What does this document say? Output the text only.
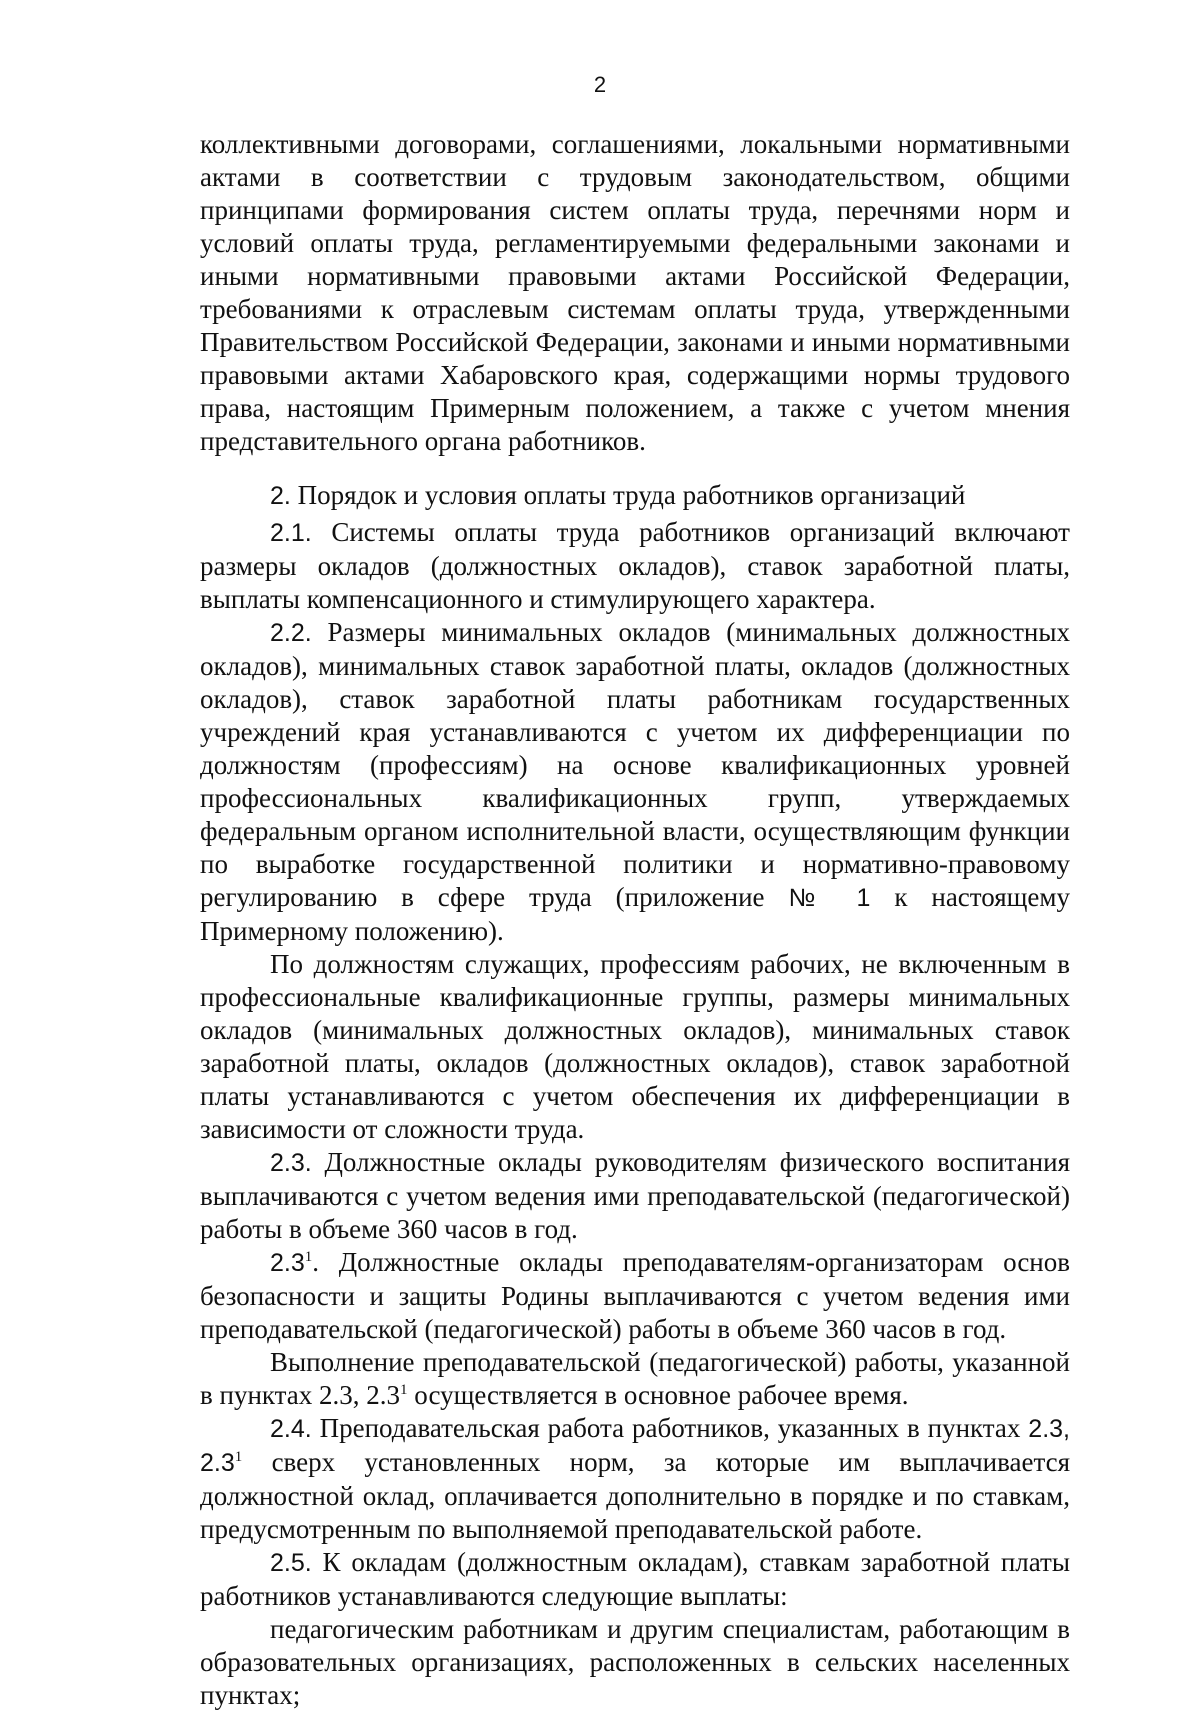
2

коллективными договорами, соглашениями, локальными нормативными актами в соответствии с трудовым законодательством, общими принципами формирования систем оплаты труда, перечнями норм и условий оплаты труда, регламентируемыми федеральными законами и иными нормативными правовыми актами Российской Федерации, требованиями к отраслевым системам оплаты труда, утвержденными Правительством Российской Федерации, законами и иными нормативными правовыми актами Хабаровского края, содержащими нормы трудового права, настоящим Примерным положением, а также с учетом мнения представительного органа работников.

2. Порядок и условия оплаты труда работников организаций

2.1. Системы оплаты труда работников организаций включают размеры окладов (должностных окладов), ставок заработной платы, выплаты компенсационного и стимулирующего характера.

2.2. Размеры минимальных окладов (минимальных должностных окладов), минимальных ставок заработной платы, окладов (должностных окладов), ставок заработной платы работникам государственных учреждений края устанавливаются с учетом их дифференциации по должностям (профессиям) на основе квалификационных уровней профессиональных квалификационных групп, утверждаемых федеральным органом исполнительной власти, осуществляющим функции по выработке государственной политики и нормативно-правовому регулированию в сфере труда (приложение № 1 к настоящему Примерному положению).

По должностям служащих, профессиям рабочих, не включенным в профессиональные квалификационные группы, размеры минимальных окладов (минимальных должностных окладов), минимальных ставок заработной платы, окладов (должностных окладов), ставок заработной платы устанавливаются с учетом обеспечения их дифференциации в зависимости от сложности труда.

2.3. Должностные оклады руководителям физического воспитания выплачиваются с учетом ведения ими преподавательской (педагогической) работы в объеме 360 часов в год.

$2.3^1$. Должностные оклады преподавателям-организаторам основ безопасности и защиты Родины выплачиваются с учетом ведения ими преподавательской (педагогической) работы в объеме 360 часов в год.

Выполнение преподавательской (педагогической) работы, указанной в пунктах 2.3, $2.3^1$ осуществляется в основное рабочее время.

2.4. Преподавательская работа работников, указанных в пунктах 2.3, $2.3^1$ сверх установленных норм, за которые им выплачивается должностной оклад, оплачивается дополнительно в порядке и по ставкам, предусмотренным по выполняемой преподавательской работе.

2.5. К окладам (должностным окладам), ставкам заработной платы работников устанавливаются следующие выплаты:

педагогическим работникам и другим специалистам, работающим в образовательных организациях, расположенных в сельских населенных пунктах;
